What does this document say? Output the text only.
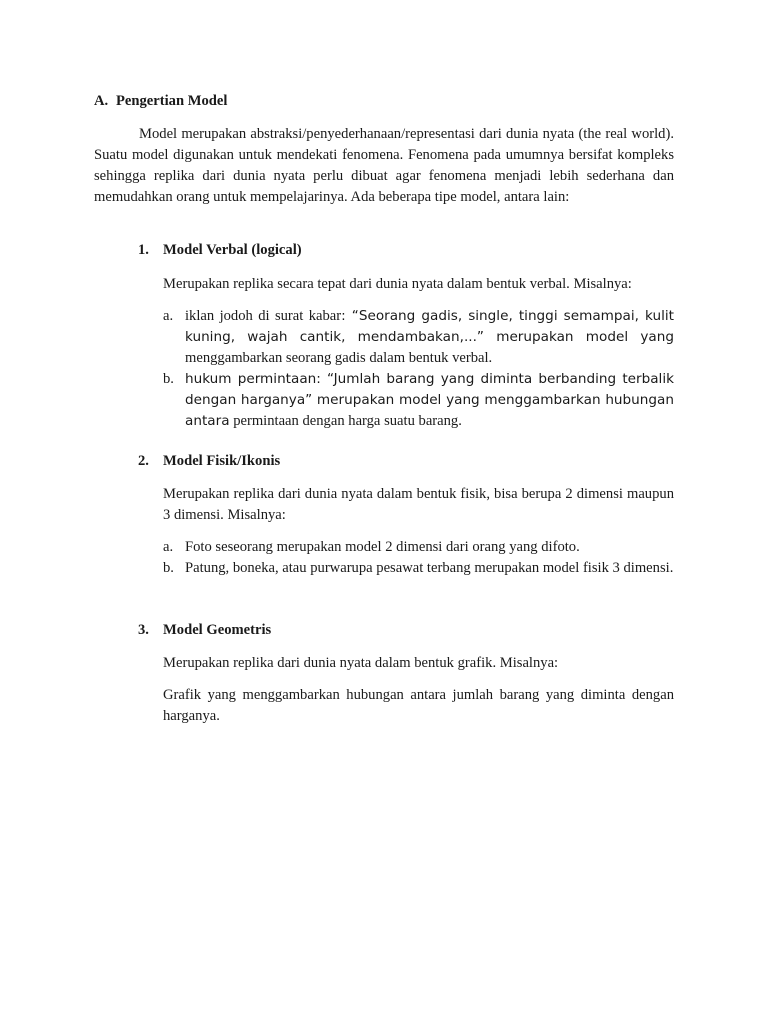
A. Pengertian Model

Model merupakan abstraksi/penyederhanaan/representasi dari dunia nyata (the real world). Suatu model digunakan untuk mendekati fenomena. Fenomena pada umumnya bersifat kompleks sehingga replika dari dunia nyata perlu dibuat agar fenomena menjadi lebih sederhana dan memudahkan orang untuk mempelajarinya. Ada beberapa tipe model, antara lain:

1. Model Verbal (logical)

Merupakan replika secara tepat dari dunia nyata dalam bentuk verbal. Misalnya:

a. iklan jodoh di surat kabar: “Seorang gadis, single, tinggi semampai, kulit kuning, wajah cantik, mendambakan,...” merupakan model yang menggambarkan seorang gadis dalam bentuk verbal.
b. hukum permintaan: “Jumlah barang yang diminta berbanding terbalik dengan harganya” merupakan model yang menggambarkan hubungan antara permintaan dengan harga suatu barang.
2. Model Fisik/Ikonis

Merupakan replika dari dunia nyata dalam bentuk fisik, bisa berupa 2 dimensi maupun 3 dimensi. Misalnya:

a. Foto seseorang merupakan model 2 dimensi dari orang yang difoto.
b. Patung, boneka, atau purwarupa pesawat terbang merupakan model fisik 3 dimensi.
3. Model Geometris

Merupakan replika dari dunia nyata dalam bentuk grafik. Misalnya:

Grafik yang menggambarkan hubungan antara jumlah barang yang diminta dengan harganya.
